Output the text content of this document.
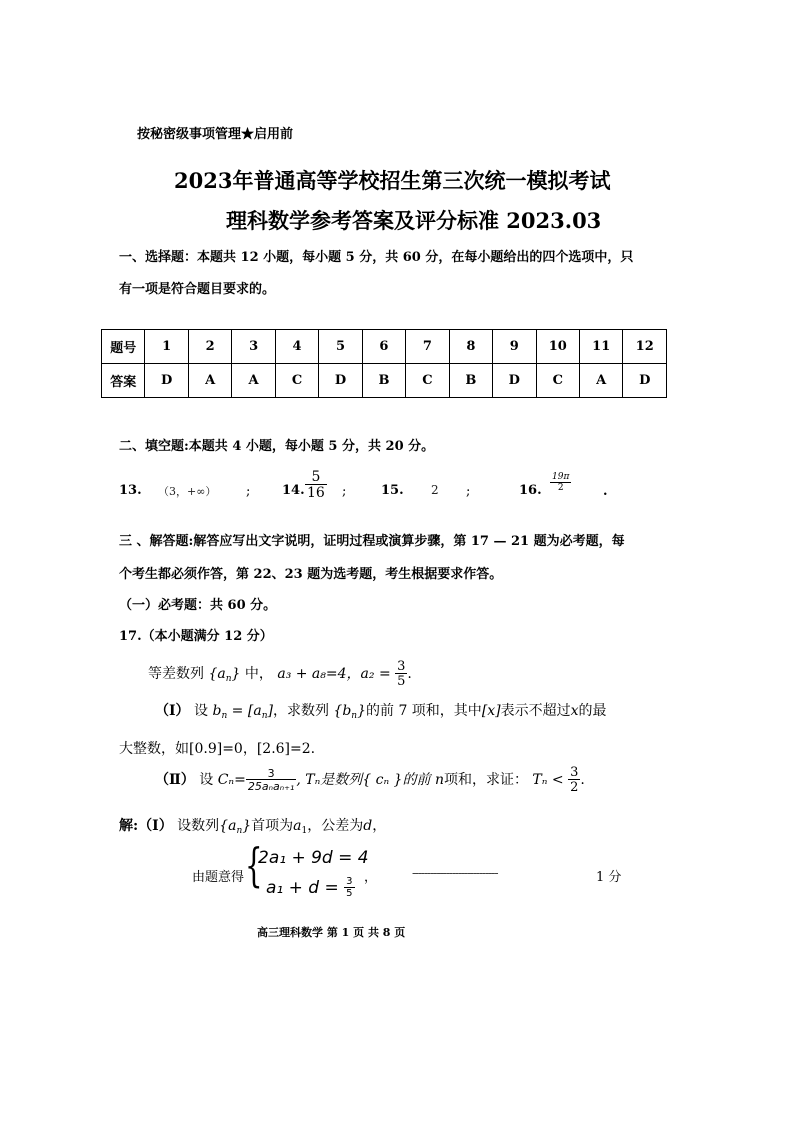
按秘密级事项管理★启用前
2023年普通高等学校招生第三次统一模拟考试
理科数学参考答案及评分标准 2023.03
一、选择题：本题共 12 小题，每小题 5 分，共 60 分，在每小题给出的四个选项中，只
有一项是符合题目要求的。
题号	1	2	3	4	5	6	7	8	9	10	11	12
答案	D	A	A	C	D	B	C	B	D	C	A	D
二、填空题:本题共 4 小题，每小题 5 分，共 20 分。
13. （3，+∞） ; 14. $\frac{5}{16}$ ;	15. 2 ;	16. $\frac{19\pi}{2}$ .
三 、解答题:解答应写出文字说明，证明过程或演算步骤，第 17 — 21 题为必考题，每
个考生都必须作答，第 22、23 题为选考题，考生根据要求作答。
（一）必考题：共 60 分。
17.（本小题满分 12 分）
等差数列 $\{a_n\}$ 中， a₃ + a₈=4，$a_2 = \frac{3}{5}$ .
（Ⅰ） 设 $b_n = [a_n]$，求数列 $\{b_n\}$的前 7 项和，其中[x]表示不超过x的最
大整数，如[0.9]=0，[2.6]=2.
（Ⅱ） 设 $C_n= \frac{3}{\text{25aₙaₙ₊₁}}$ , Tₙ是数列{ cₙ }的前 n项和，求证： $T_n < \frac{3}{2}$ .
解:（Ⅰ） 设数列$\{a_n\}$首项为$a_1$，公差为d，
由题意得 {
2a₁ + 9d = 4
$a_1 + d = \frac{3}{5}$ ，	----------------------------	1 分
高三理科数学 第 1 页 共 8 页
